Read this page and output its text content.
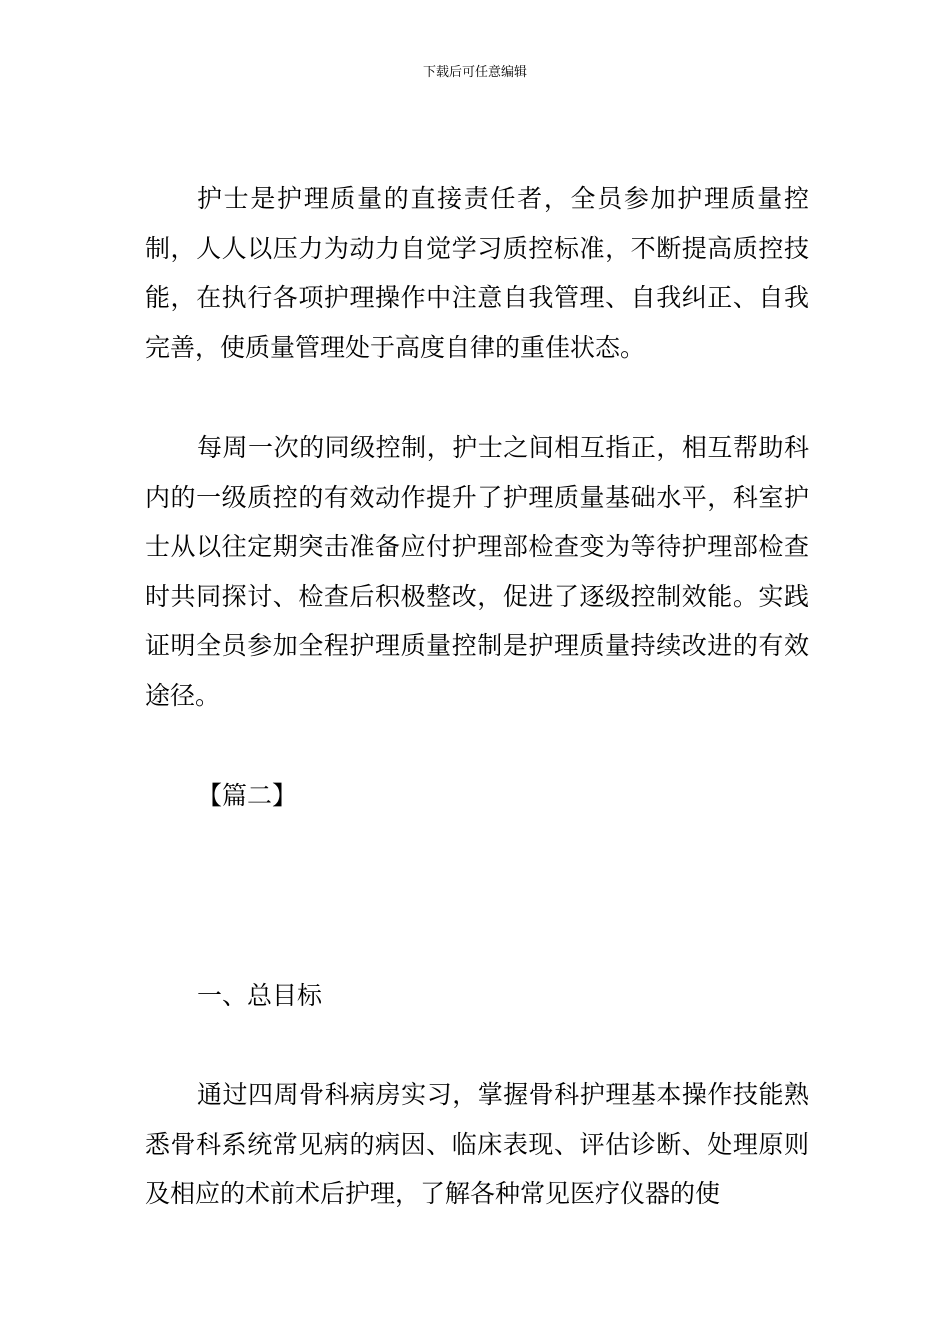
下载后可任意编辑

护士是护理质量的直接责任者，全员参加护理质量控制，人人以压力为动力自觉学习质控标准，不断提高质控技能，在执行各项护理操作中注意自我管理、自我纠正、自我完善，使质量管理处于高度自律的重佳状态。

每周一次的同级控制，护士之间相互指正，相互帮助科内的一级质控的有效动作提升了护理质量基础水平，科室护士从以往定期突击准备应付护理部检查变为等待护理部检查时共同探讨、检查后积极整改，促进了逐级控制效能。实践证明全员参加全程护理质量控制是护理质量持续改进的有效途径。

【篇二】
一、总目标

通过四周骨科病房实习，掌握骨科护理基本操作技能熟悉骨科系统常见病的病因、临床表现、评估诊断、处理原则及相应的术前术后护理，了解各种常见医疗仪器的使
